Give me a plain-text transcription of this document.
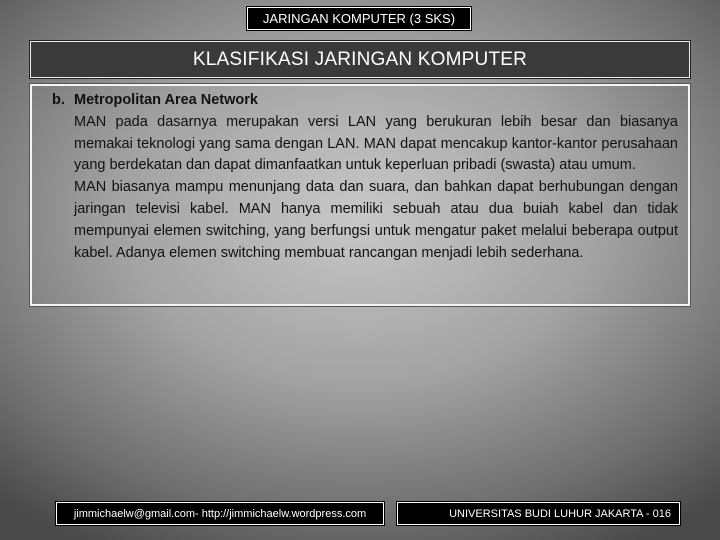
JARINGAN KOMPUTER (3 SKS)
KLASIFIKASI JARINGAN KOMPUTER
b. Metropolitan Area Network

MAN pada dasarnya merupakan versi LAN yang berukuran lebih besar dan biasanya memakai teknologi yang sama dengan LAN. MAN dapat mencakup kantor-kantor perusahaan yang berdekatan dan dapat dimanfaatkan untuk keperluan pribadi (swasta) atau umum.

MAN biasanya mampu menunjang data dan suara, dan bahkan dapat berhubungan dengan jaringan televisi kabel. MAN hanya memiliki sebuah atau dua buiah kabel dan tidak mempunyai elemen switching, yang berfungsi untuk mengatur paket melalui beberapa output kabel. Adanya elemen switching membuat rancangan menjadi lebih sederhana.

jimmichaelw@gmail.com- http://jimmichaelw.wordpress.com	UNIVERSITAS BUDI LUHUR JAKARTA - 016
